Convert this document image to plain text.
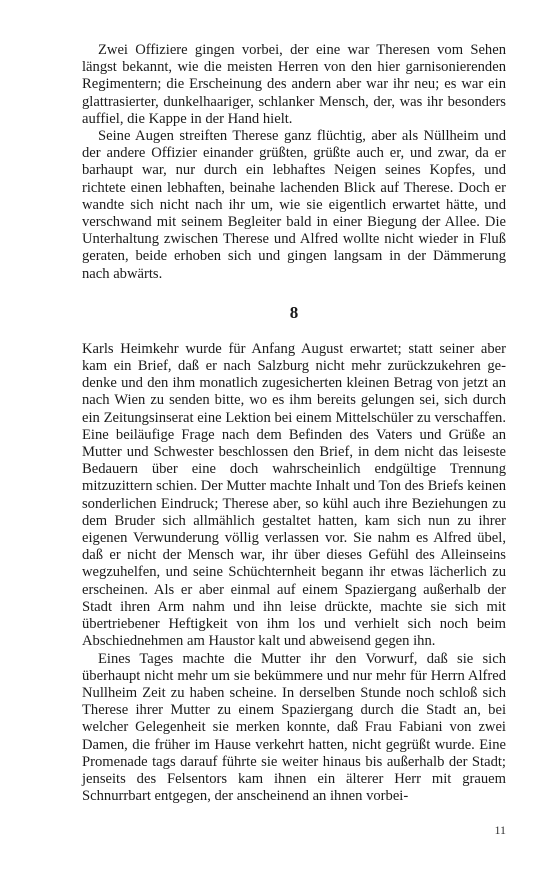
Zwei Offiziere gingen vorbei, der eine war Theresen vom Sehen längst bekannt, wie die meisten Herren von den hier garnisonierenden Regimentern; die Erscheinung des andern aber war ihr neu; es war ein glattrasierter, dunkelhaariger, schlanker Mensch, der, was ihr besonders auffiel, die Kappe in der Hand hielt.

Seine Augen streiften Therese ganz flüchtig, aber als Nüllheim und der andere Offizier einander grüßten, grüßte auch er, und zwar, da er barhaupt war, nur durch ein lebhaftes Neigen seines Kopfes, und richtete einen lebhaften, beinahe lachenden Blick auf Therese. Doch er wandte sich nicht nach ihr um, wie sie eigentlich erwartet hätte, und verschwand mit seinem Begleiter bald in einer Biegung der Allee. Die Unterhaltung zwischen Therese und Alfred wollte nicht wieder in Fluß geraten, beide erhoben sich und gingen langsam in der Dämmerung nach abwärts.

8

Karls Heimkehr wurde für Anfang August erwartet; statt seiner aber kam ein Brief, daß er nach Salzburg nicht mehr zurückzukehren gedenke und den ihm monatlich zugesicherten kleinen Betrag von jetzt an nach Wien zu senden bitte, wo es ihm bereits gelungen sei, sich durch ein Zeitungsinserat eine Lektion bei einem Mittelschüler zu verschaffen. Eine beiläufige Frage nach dem Befinden des Vaters und Grüße an Mutter und Schwester beschlossen den Brief, in dem nicht das leiseste Bedauern über eine doch wahrscheinlich endgültige Trennung mitzuzittern schien. Der Mutter machte Inhalt und Ton des Briefs keinen sonderlichen Eindruck; Therese aber, so kühl auch ihre Beziehungen zu dem Bruder sich allmählich gestaltet hatten, kam sich nun zu ihrer eigenen Verwunderung völlig verlassen vor. Sie nahm es Alfred übel, daß er nicht der Mensch war, ihr über dieses Gefühl des Alleinseins wegzuhelfen, und seine Schüchternheit begann ihr etwas lächerlich zu erscheinen. Als er aber einmal auf einem Spaziergang außerhalb der Stadt ihren Arm nahm und ihn leise drückte, machte sie sich mit übertriebener Heftigkeit von ihm los und verhielt sich noch beim Abschiednehmen am Haustor kalt und abweisend gegen ihn.

Eines Tages machte die Mutter ihr den Vorwurf, daß sie sich überhaupt nicht mehr um sie bekümmere und nur mehr für Herrn Alfred Nullheim Zeit zu haben scheine. In derselben Stunde noch schloß sich Therese ihrer Mutter zu einem Spaziergang durch die Stadt an, bei welcher Gelegenheit sie merken konnte, daß Frau Fabiani von zwei Damen, die früher im Hause verkehrt hatten, nicht gegrüßt wurde. Eine Promenade tags darauf führte sie weiter hinaus bis außerhalb der Stadt; jenseits des Felsentors kam ihnen ein älterer Herr mit grauem Schnurrbart entgegen, der anscheinend an ihnen vorbei-

11
